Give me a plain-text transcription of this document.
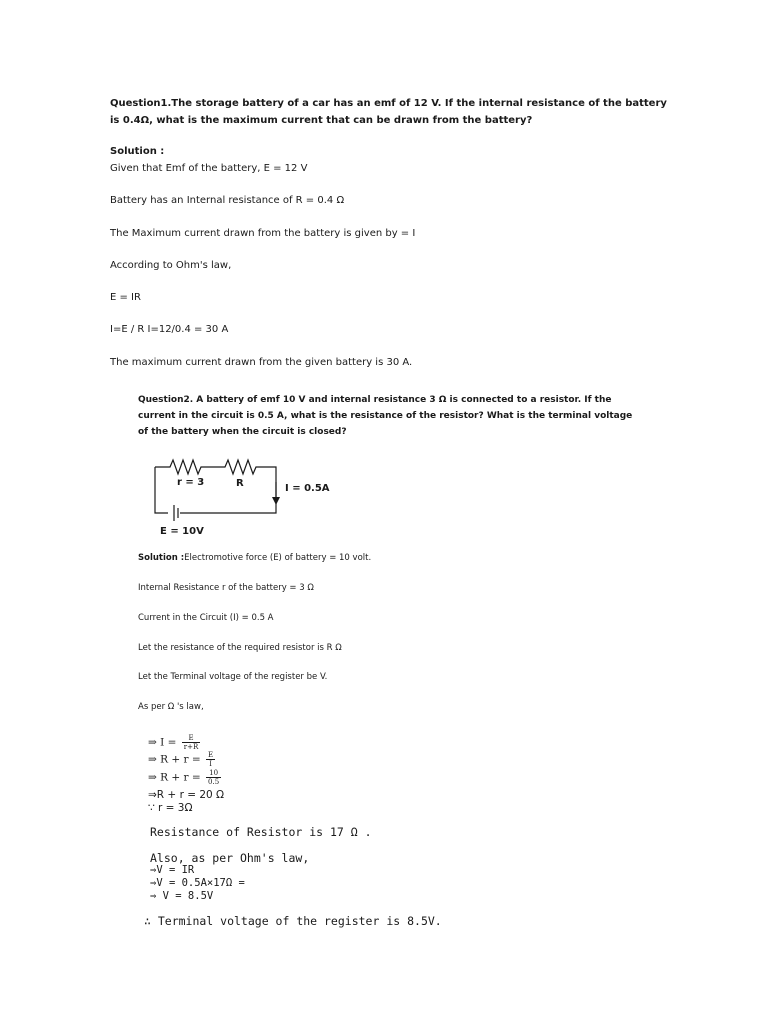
Question1.The storage battery of a car has an emf of 12 V. If the internal resistance of the battery is 0.4Ω, what is the maximum current that can be drawn from the battery?
Solution :
Given that Emf of the battery, E = 12 V
Battery has an Internal resistance of R = 0.4 Ω
The Maximum current drawn from the battery is given by = I
According to Ohm's law,
E = IR
I=E / R I=12/0.4 = 30 A
The maximum current drawn from the given battery is 30 A.
Question2. A battery of emf 10 V and internal resistance 3 Ω is connected to a resistor. If the current in the circuit is 0.5 A, what is the resistance of the resistor? What is the terminal voltage of the battery when the circuit is closed?
r = 3	R	I = 0.5A
E = 10V
Solution :Electromotive force (E) of battery = 10 volt.
Internal Resistance r of the battery = 3 Ω
Current in the Circuit (I) = 0.5 A
Let the resistance of the required resistor is R Ω
Let the Terminal voltage of the register be V.
As per Ω 's law,
⇒ $I = \frac{E}{r+R}$
⇒ $R + r = \frac{E}{I}$
⇒ $R + r = \frac{10}{0.5}$
⇒R + r = 20 Ω
∵ r = 3Ω
Resistance of Resistor is 17 Ω .
Also, as per Ohm's law,
⇒V = IR
⇒V = 0.5A×17Ω =
⇒ V = 8.5V
∴ Terminal voltage of the register is 8.5V.
